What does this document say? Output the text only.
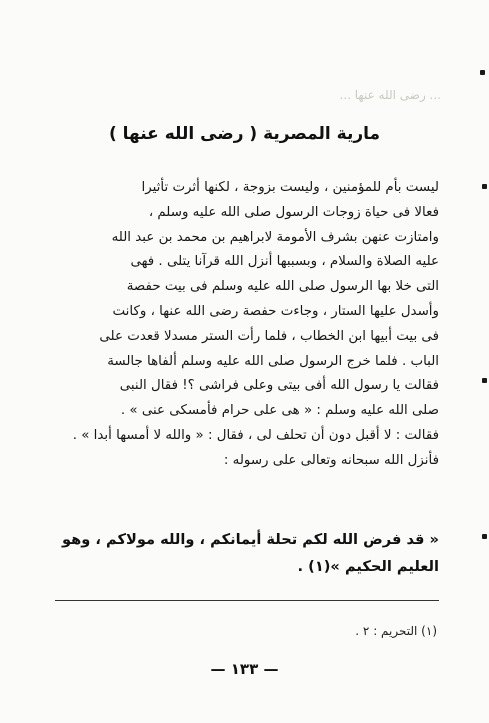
... رضى الله عنها ...
مارية المصرية ( رضى الله عنها )
ليست بأم للمؤمنين ، وليست بزوجة ، لكنها أثرت تأثيرا
فعالا فى حياة زوجات الرسول صلى الله عليه وسلم ،
وامتازت عنهن بشرف الأمومة لابراهيم بن محمد بن عبد الله
عليه الصلاة والسلام ، وبسببها أنزل الله قرآنا يتلى . فهى
التى خلا بها الرسول صلى الله عليه وسلم فى بيت حفصة
وأسدل عليها الستار ، وجاءت حفصة رضى الله عنها ، وكانت
فى بيت أبيها ابن الخطاب ، فلما رأت الستر مسدلا قعدت على
الباب . فلما خرج الرسول صلى الله عليه وسلم ألفاها جالسة
فقالت يا رسول الله أفى بيتى وعلى فراشى ؟! فقال النبى
صلى الله عليه وسلم : « هى على حرام فأمسكى عنى » .
فقالت : لا أقبل دون أن تحلف لى ، فقال : « والله لا أمسها أبدا » .
فأنزل الله سبحانه وتعالى على رسوله :
« قد فرض الله لكم تحلة أيمانكم ، والله مولاكم ، وهو
العليم الحكيم »(١) .
(١) التحريم : ٢ .
— ١٣٣ —
